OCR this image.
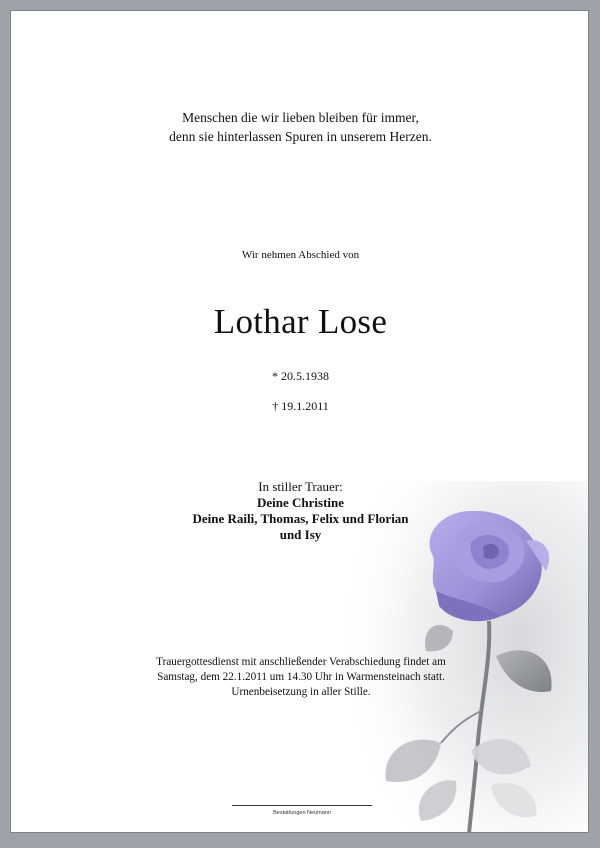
Menschen die wir lieben bleiben für immer,
denn sie hinterlassen Spuren in unserem Herzen.
Wir nehmen Abschied von
Lothar Lose
* 20.5.1938
† 19.1.2011
In stiller Trauer:
Deine Christine
Deine Raili, Thomas, Felix und Florian
und Isy
Trauergottesdienst mit anschließender Verabschiedung findet am
Samstag, dem 22.1.2011 um 14.30 Uhr in Warmensteinach statt.
Urnenbeisetzung in aller Stille.
Bestattungen Neumann
